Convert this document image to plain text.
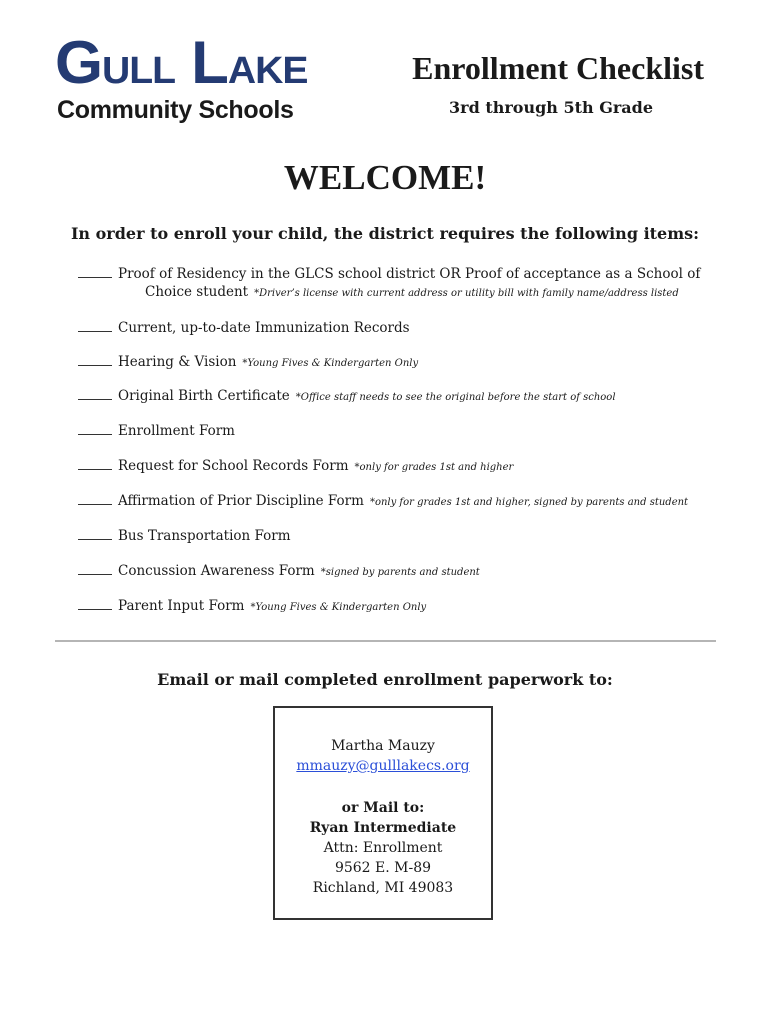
GULL LAKE
Community Schools
Enrollment Checklist
3rd through 5th Grade
WELCOME!
In order to enroll your child, the district requires the following items:
Proof of Residency in the GLCS school district OR Proof of acceptance as a School of
Choice student *Driver’s license with current address or utility bill with family name/address listed
Current, up-to-date Immunization Records
Hearing & Vision *Young Fives & Kindergarten Only
Original Birth Certificate *Office staff needs to see the original before the start of school
Enrollment Form
Request for School Records Form *only for grades 1st and higher
Affirmation of Prior Discipline Form *only for grades 1st and higher, signed by parents and student
Bus Transportation Form
Concussion Awareness Form *signed by parents and student
Parent Input Form *Young Fives & Kindergarten Only
Email or mail completed enrollment paperwork to:
Martha Mauzy
mmauzy@gulllakecs.org
or Mail to:
Ryan Intermediate
Attn: Enrollment
9562 E. M-89
Richland, MI 49083
